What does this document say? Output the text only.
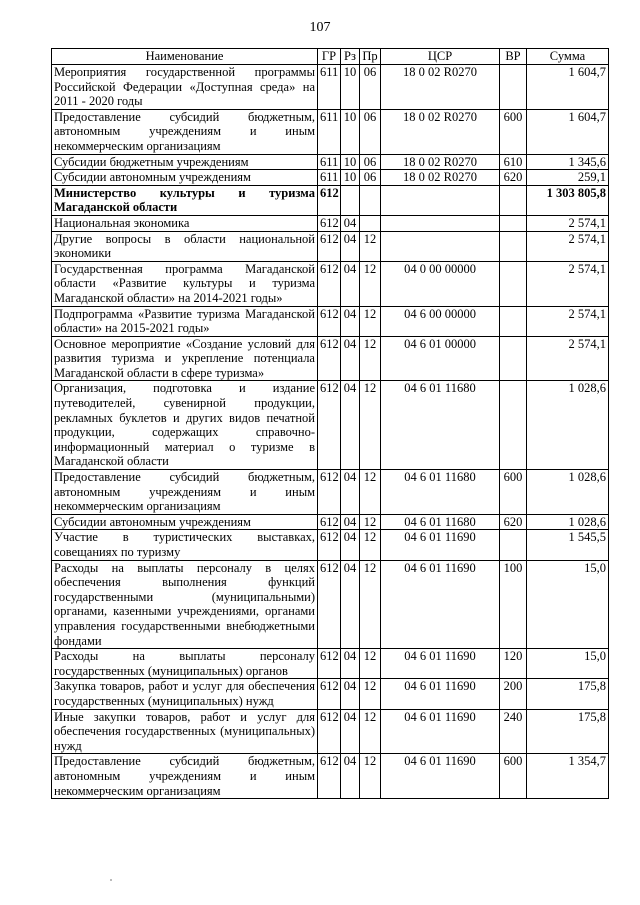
107
Наименование	ГР	Рз	Пр	ЦСР	ВР	Сумма
Мероприятия государственной программы Российской Федерации «Доступная среда» на 2011 - 2020 годы	611	10	06	18 0 02 R0270		1 604,7
Предоставление субсидий бюджетным, автономным учреждениям и иным некоммерческим организациям	611	10	06	18 0 02 R0270	600	1 604,7
Субсидии бюджетным учреждениям	611	10	06	18 0 02 R0270	610	1 345,6
Субсидии автономным учреждениям	611	10	06	18 0 02 R0270	620	259,1
Министерство культуры и туризма Магаданской области	612					1 303 805,8
Национальная экономика	612	04				2 574,1
Другие вопросы в области национальной экономики	612	04	12			2 574,1
Государственная программа Магаданской области «Развитие культуры и туризма Магаданской области» на 2014-2021 годы»	612	04	12	04 0 00 00000		2 574,1
Подпрограмма «Развитие туризма Магаданской области» на 2015-2021 годы»	612	04	12	04 6 00 00000		2 574,1
Основное мероприятие «Создание условий для развития туризма и укрепление потенциала Магаданской области в сфере туризма»	612	04	12	04 6 01 00000		2 574,1
Организация, подготовка и издание путеводителей, сувенирной продукции, рекламных буклетов и других видов печатной продукции, содержащих справочно-информационный материал о туризме в Магаданской области	612	04	12	04 6 01 11680		1 028,6
Предоставление субсидий бюджетным, автономным учреждениям и иным некоммерческим организациям	612	04	12	04 6 01 11680	600	1 028,6
Субсидии автономным учреждениям	612	04	12	04 6 01 11680	620	1 028,6
Участие в туристических выставках, совещаниях по туризму	612	04	12	04 6 01 11690		1 545,5
Расходы на выплаты персоналу в целях обеспечения выполнения функций государственными (муниципальными) органами, казенными учреждениями, органами управления государственными внебюджетными фондами	612	04	12	04 6 01 11690	100	15,0
Расходы на выплаты персоналу государственных (муниципальных) органов	612	04	12	04 6 01 11690	120	15,0
Закупка товаров, работ и услуг для обеспечения государственных (муниципальных) нужд	612	04	12	04 6 01 11690	200	175,8
Иные закупки товаров, работ и услуг для обеспечения государственных (муниципальных) нужд	612	04	12	04 6 01 11690	240	175,8
Предоставление субсидий бюджетным, автономным учреждениям и иным некоммерческим организациям	612	04	12	04 6 01 11690	600	1 354,7
